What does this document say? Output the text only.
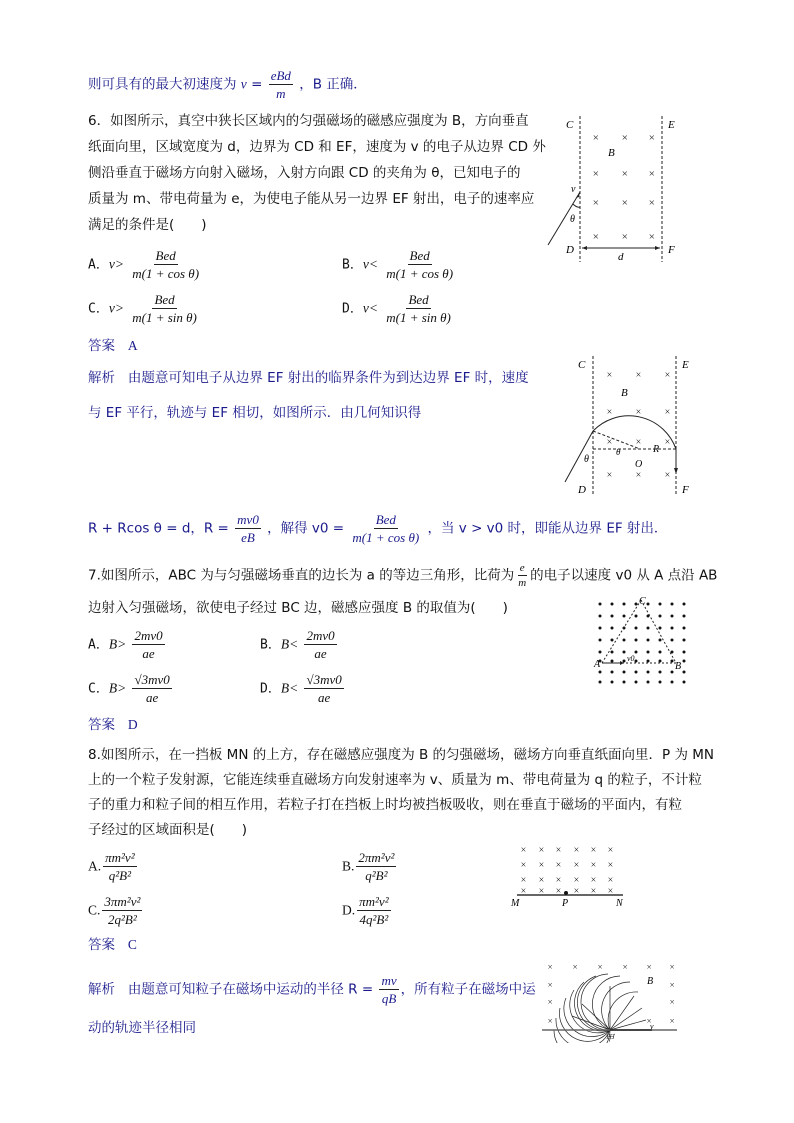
则可具有的最大初速度为 $v = \frac{\text{eBd}}{m}$ ，B 正确．
6．如图所示，真空中狭长区域内的匀强磁场的磁感应强度为 B，方向垂直
纸面向里，区域宽度为 d，边界为 CD 和 EF，速度为 v 的电子从边界 CD 外
侧沿垂直于磁场方向射入磁场，入射方向跟 CD 的夹角为 θ，已知电子的
质量为 m、带电荷量为 e，为使电子能从另一边界 EF 射出，电子的速率应
满足的条件是(　　)
A．$v> \frac{\text{Bed}}{\text{m(1 + cos θ)}}$	B．$v< \frac{\text{Bed}}{\text{m(1 + cos θ)}}$
C．$v> \frac{\text{Bed}}{\text{m(1 + sin θ)}}$	D．$v< \frac{\text{Bed}}{\text{m(1 + sin θ)}}$
答案 A
解析 由题意可知电子从边界 EF 射出的临界条件为到达边界 EF 时，速度
与 EF 平行，轨迹与 EF 相切，如图所示．由几何知识得
R + Rcos θ = d，$R = \frac{mv0}{eB}$ ，解得 $v0 = \frac{\text{Bed}}{\text{m(1 + cos θ)}}$ ，当 v > v0 时，即能从边界 EF 射出．
× × ×
× × ×
× × ×
× × ×
C	E
B
v
θ
D	F
d
× × ×
× × ×
× × ×
× × ×
C	E
B
θ
θ
O
R
D	F
7.如图所示，ABC 为与匀强磁场垂直的边长为 a 的等边三角形，比荷为 $\frac{e}{m}$ 的电子以速度 v0 从 A 点沿 AB
边射入匀强磁场，欲使电子经过 BC 边，磁感应强度 B 的取值为(　　)
A．$B> \frac{2mv0}{ae}$	B．$B< \frac{2mv0}{ae}$
C．$B> \frac{√3mv0}{ae}$	D．$B< \frac{√3mv0}{ae}$
答案 D
C
A
v0
B
8.如图所示，在一挡板 MN 的上方，存在磁感应强度为 B 的匀强磁场，磁场方向垂直纸面向里．P 为 MN
上的一个粒子发射源，它能连续垂直磁场方向发射速率为 v、质量为 m、带电荷量为 q 的粒子，不计粒
子的重力和粒子间的相互作用，若粒子打在挡板上时均被挡板吸收，则在垂直于磁场的平面内，有粒
子经过的区域面积是(　　)
A. $\frac{\text{πm²v²}}{\text{q²B²}}$	B. $\frac{\text{2πm²v²}}{\text{q²B²}}$
C. $\frac{\text{3πm²v²}}{\text{2q²B²}}$	D. $\frac{\text{πm²v²}}{\text{4q²B²}}$
答案 C
解析 由题意可知粒子在磁场中运动的半径 $R = \frac{mv}{qB}$ ，所有粒子在磁场中运
动的轨迹半径相同
× × × × × ×
× × × × × ×
× × × × × ×
× × × × × ×
M	P	N
× × × × × ×
×	×
×	×
×	× ×
B
v
甲
